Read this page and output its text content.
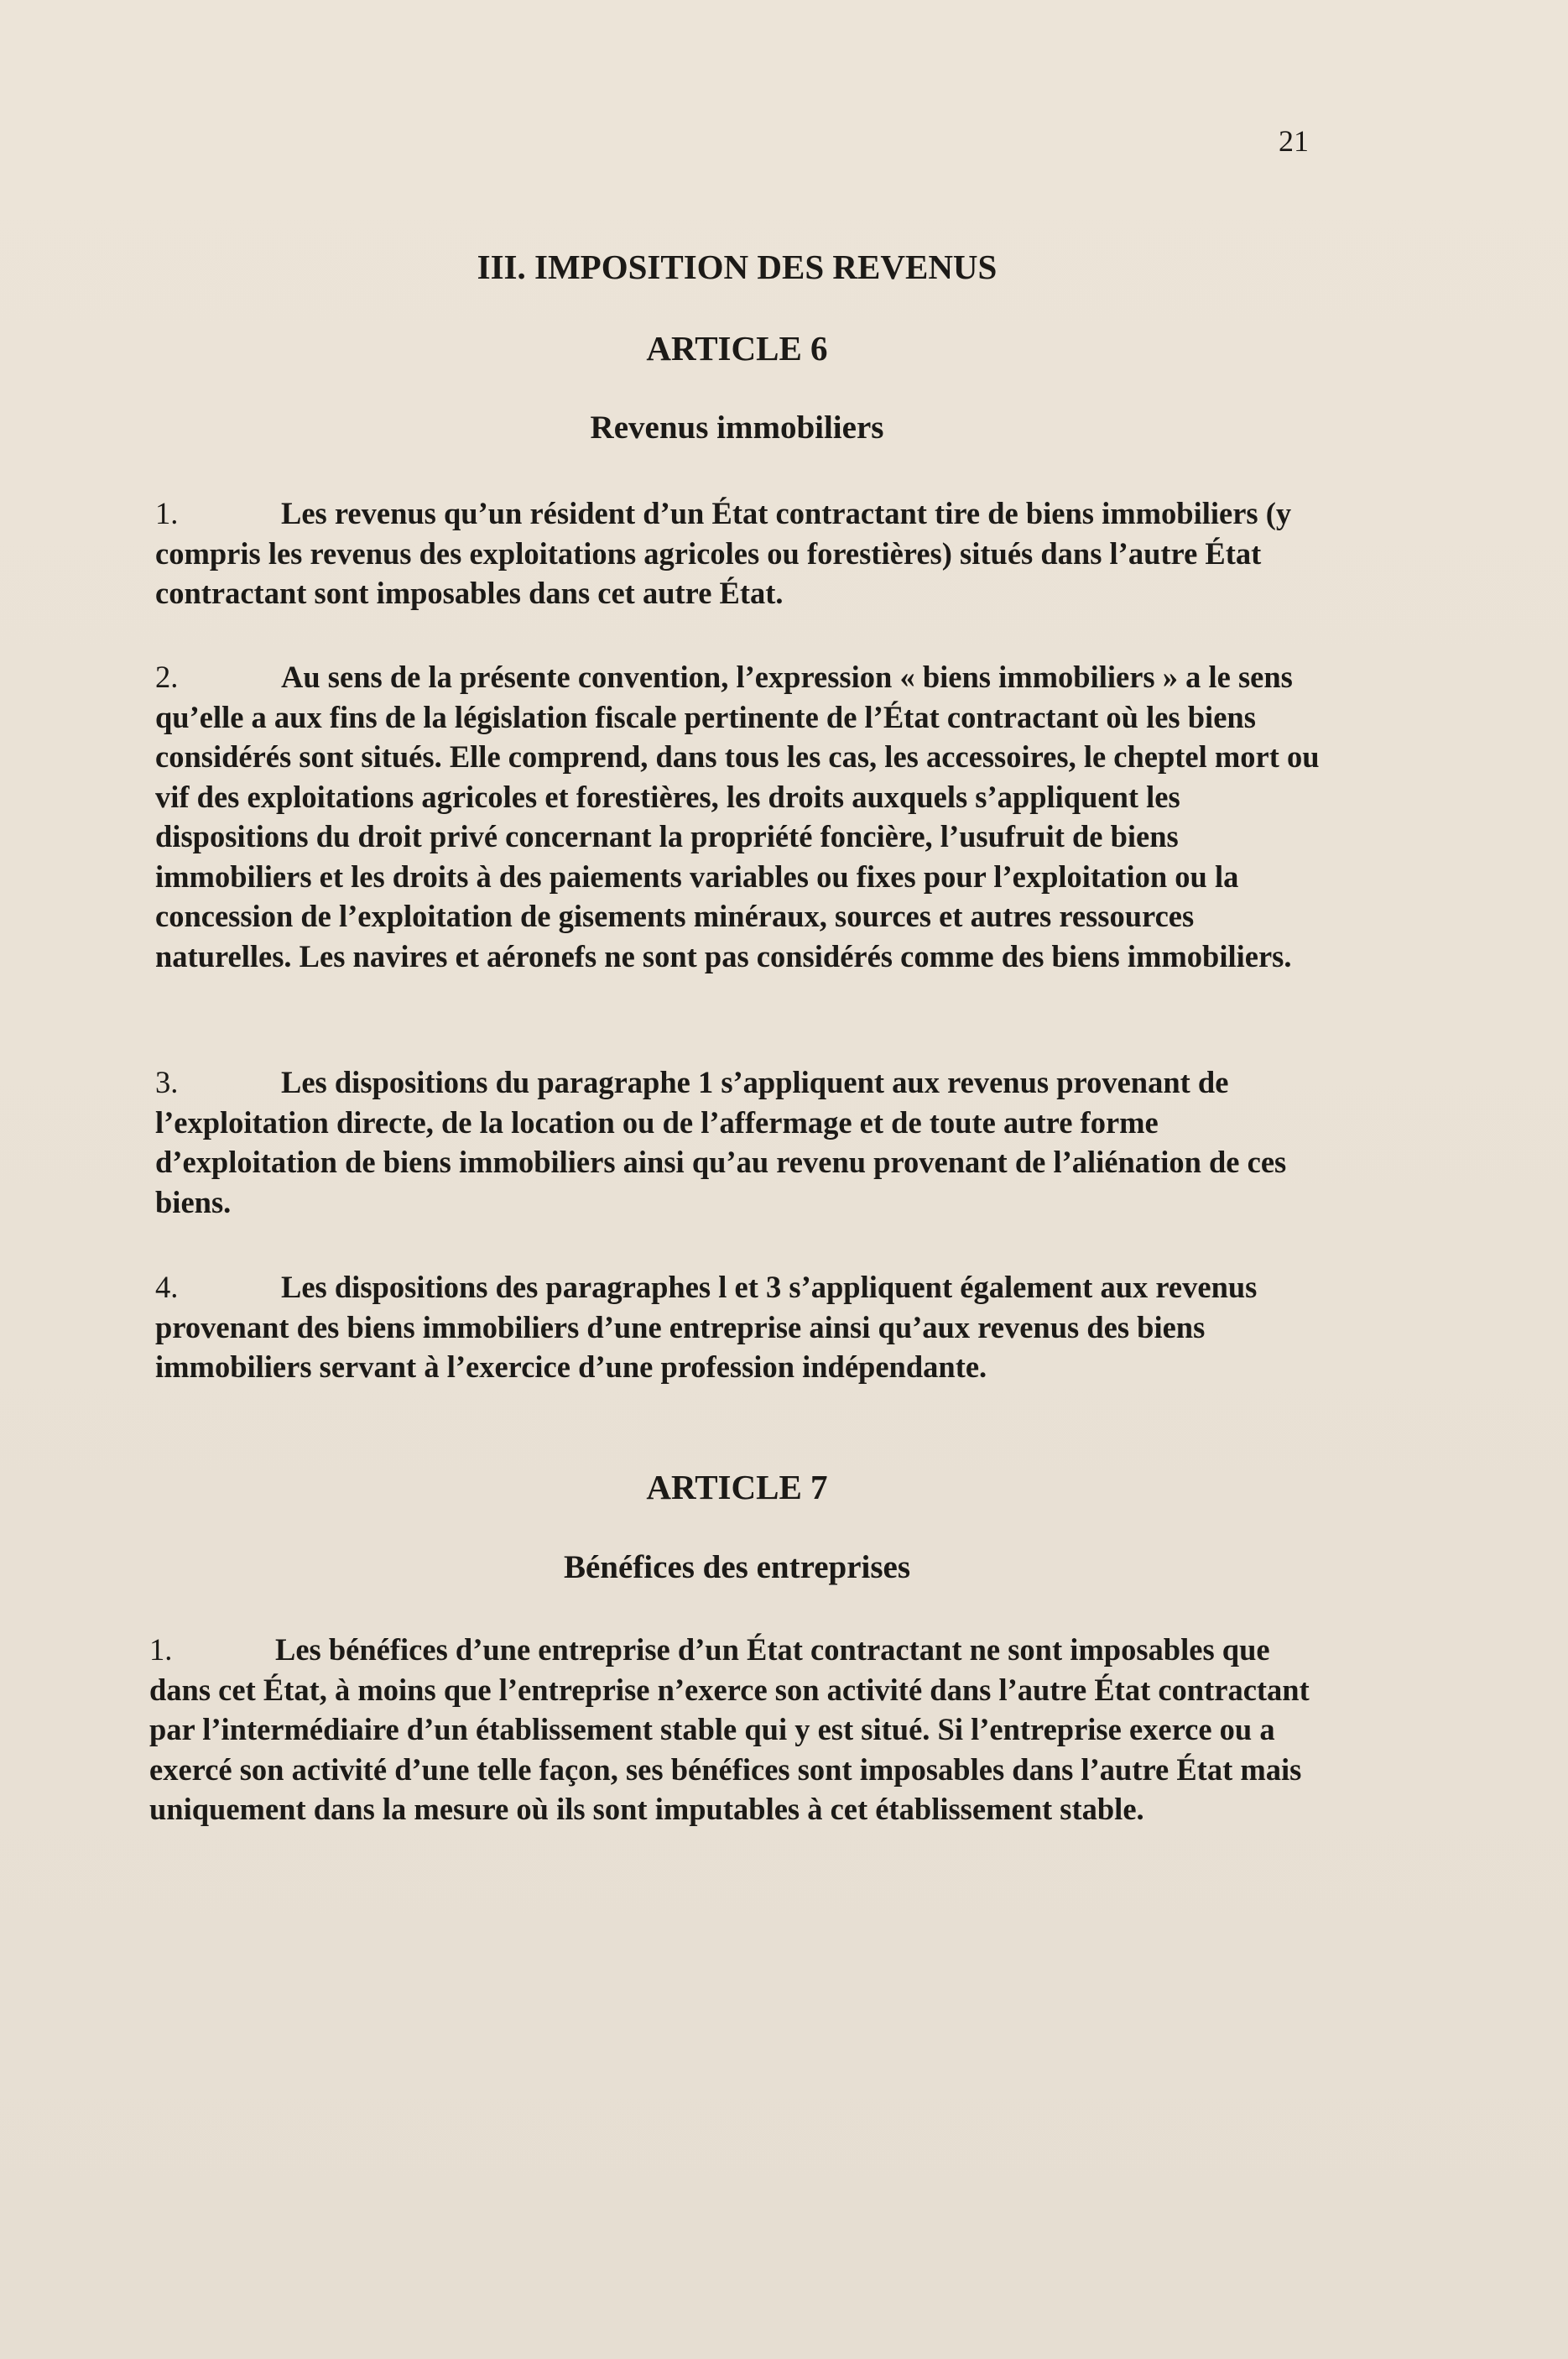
21
III. IMPOSITION DES REVENUS
ARTICLE 6
Revenus immobiliers
1.	Les revenus qu’un résident d’un État contractant tire de biens immobiliers (y compris les revenus des exploitations agricoles ou forestières) situés dans l’autre État contractant sont imposables dans cet autre État.
2.	Au sens de la présente convention, l’expression « biens immobiliers » a le sens qu’elle a aux fins de la législation fiscale pertinente de l’État contractant où les biens considérés sont situés. Elle comprend, dans tous les cas, les accessoires, le cheptel mort ou vif des exploitations agricoles et forestières, les droits auxquels s’appliquent les dispositions du droit privé concernant la propriété foncière, l’usufruit de biens immobiliers et les droits à des paiements variables ou fixes pour l’exploitation ou la concession de l’exploitation de gisements minéraux, sources et autres ressources naturelles. Les navires et aéronefs ne sont pas considérés comme des biens immobiliers.
3.	Les dispositions du paragraphe 1 s’appliquent aux revenus provenant de l’exploitation directe, de la location ou de l’affermage et de toute autre forme d’exploitation de biens immobiliers ainsi qu’au revenu provenant de l’aliénation de ces biens.
4.	Les dispositions des paragraphes l et 3 s’appliquent également aux revenus provenant des biens immobiliers d’une entreprise ainsi qu’aux revenus des biens immobiliers servant à l’exercice d’une profession indépendante.
ARTICLE 7
Bénéfices des entreprises
1.	Les bénéfices d’une entreprise d’un État contractant ne sont imposables que dans cet État, à moins que l’entreprise n’exerce son activité dans l’autre État contractant par l’intermédiaire d’un établissement stable qui y est situé. Si l’entreprise exerce ou a exercé son activité d’une telle façon, ses bénéfices sont imposables dans l’autre État mais uniquement dans la mesure où ils sont imputables à cet établissement stable.
